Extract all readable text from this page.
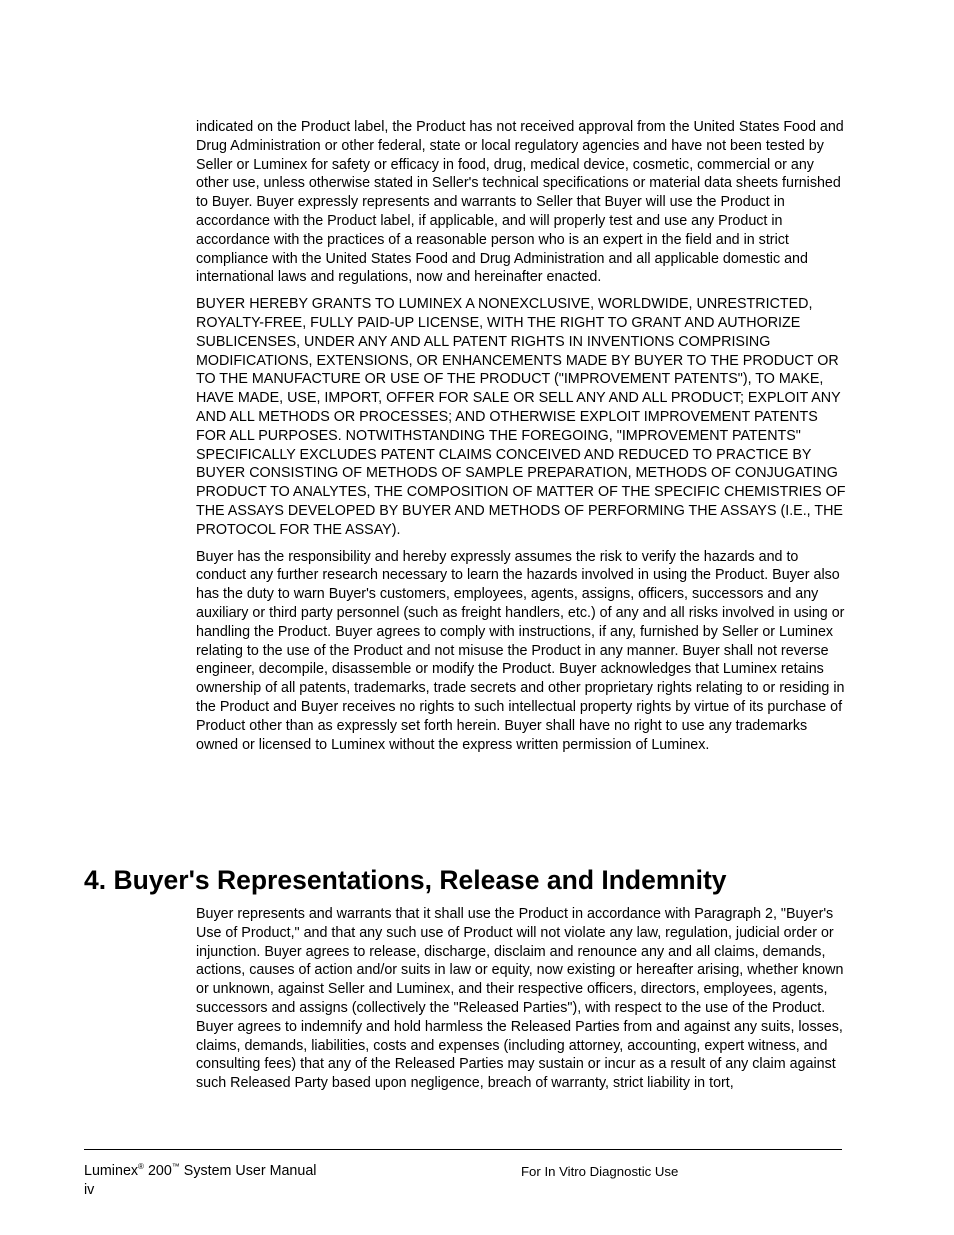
indicated on the Product label, the Product has not received approval from the United States Food and Drug Administration or other federal, state or local regulatory agencies and have not been tested by Seller or Luminex for safety or efficacy in food, drug, medical device, cosmetic, commercial or any other use, unless otherwise stated in Seller's technical specifications or material data sheets furnished to Buyer. Buyer expressly represents and warrants to Seller that Buyer will use the Product in accordance with the Product label, if applicable, and will properly test and use any Product in accordance with the practices of a reasonable person who is an expert in the field and in strict compliance with the United States Food and Drug Administration and all applicable domestic and international laws and regulations, now and hereinafter enacted.

BUYER HEREBY GRANTS TO LUMINEX A NONEXCLUSIVE, WORLDWIDE, UNRESTRICTED, ROYALTY-FREE, FULLY PAID-UP LICENSE, WITH THE RIGHT TO GRANT AND AUTHORIZE SUBLICENSES, UNDER ANY AND ALL PATENT RIGHTS IN INVENTIONS COMPRISING MODIFICATIONS, EXTENSIONS, OR ENHANCEMENTS MADE BY BUYER TO THE PRODUCT OR TO THE MANUFACTURE OR USE OF THE PRODUCT ("IMPROVEMENT PATENTS"), TO MAKE, HAVE MADE, USE, IMPORT, OFFER FOR SALE OR SELL ANY AND ALL PRODUCT; EXPLOIT ANY AND ALL METHODS OR PROCESSES; AND OTHERWISE EXPLOIT IMPROVEMENT PATENTS FOR ALL PURPOSES. NOTWITHSTANDING THE FOREGOING, "IMPROVEMENT PATENTS" SPECIFICALLY EXCLUDES PATENT CLAIMS CONCEIVED AND REDUCED TO PRACTICE BY BUYER CONSISTING OF METHODS OF SAMPLE PREPARATION, METHODS OF CONJUGATING PRODUCT TO ANALYTES, THE COMPOSITION OF MATTER OF THE SPECIFIC CHEMISTRIES OF THE ASSAYS DEVELOPED BY BUYER AND METHODS OF PERFORMING THE ASSAYS (I.E., THE PROTOCOL FOR THE ASSAY).

Buyer has the responsibility and hereby expressly assumes the risk to verify the hazards and to conduct any further research necessary to learn the hazards involved in using the Product. Buyer also has the duty to warn Buyer's customers, employees, agents, assigns, officers, successors and any auxiliary or third party personnel (such as freight handlers, etc.) of any and all risks involved in using or handling the Product. Buyer agrees to comply with instructions, if any, furnished by Seller or Luminex relating to the use of the Product and not misuse the Product in any manner. Buyer shall not reverse engineer, decompile, disassemble or modify the Product. Buyer acknowledges that Luminex retains ownership of all patents, trademarks, trade secrets and other proprietary rights relating to or residing in the Product and Buyer receives no rights to such intellectual property rights by virtue of its purchase of Product other than as expressly set forth herein. Buyer shall have no right to use any trademarks owned or licensed to Luminex without the express written permission of Luminex.

4. Buyer's Representations, Release and Indemnity

Buyer represents and warrants that it shall use the Product in accordance with Paragraph 2, "Buyer's Use of Product," and that any such use of Product will not violate any law, regulation, judicial order or injunction. Buyer agrees to release, discharge, disclaim and renounce any and all claims, demands, actions, causes of action and/or suits in law or equity, now existing or hereafter arising, whether known or unknown, against Seller and Luminex, and their respective officers, directors, employees, agents, successors and assigns (collectively the "Released Parties"), with respect to the use of the Product. Buyer agrees to indemnify and hold harmless the Released Parties from and against any suits, losses, claims, demands, liabilities, costs and expenses (including attorney, accounting, expert witness, and consulting fees) that any of the Released Parties may sustain or incur as a result of any claim against such Released Party based upon negligence, breach of warranty, strict liability in tort,

Luminex® 200™ System User Manual
iv
For In Vitro Diagnostic Use
